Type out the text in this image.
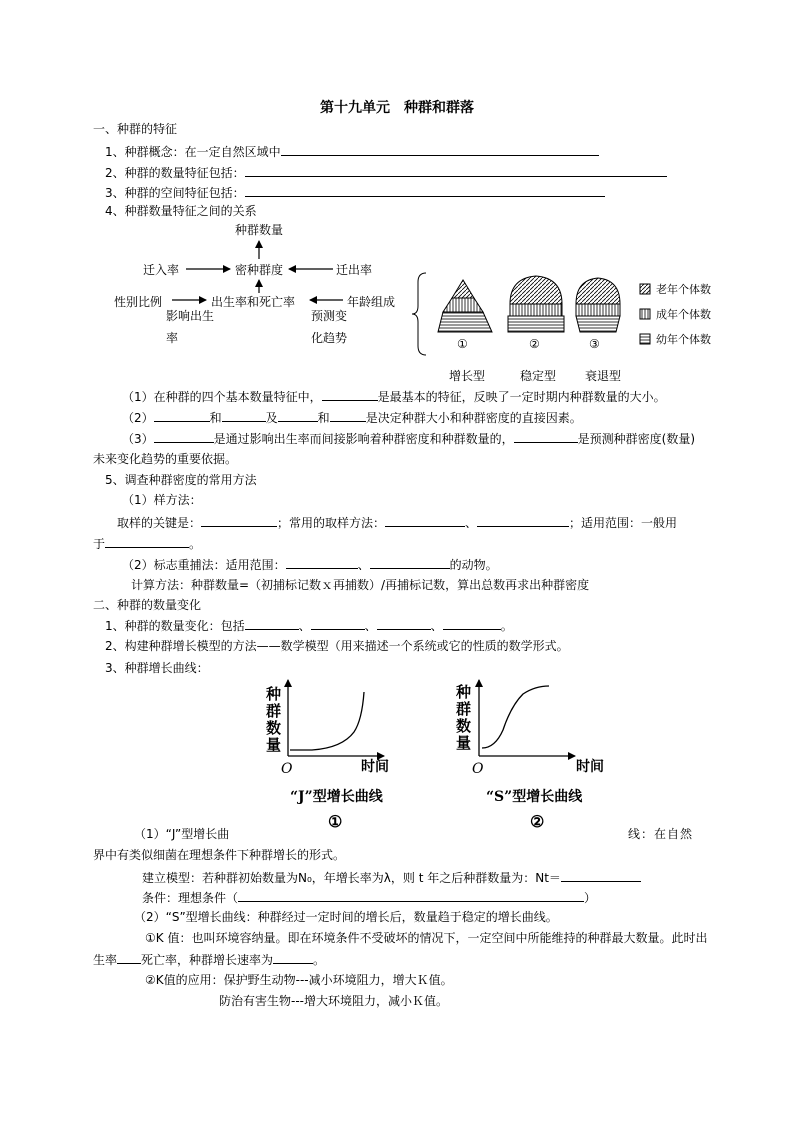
第十九单元　种群和群落
一、种群的特征
1、种群概念：在一定自然区域中
2、种群的数量特征包括：
3、种群的空间特征包括：
4、种群数量特征之间的关系
种群数量
迁入率	密种群度	迁出率
性别比例	出生率和死亡率	年龄组成
影响出生
率
预测变
化趋势
老年个体数
成年个体数
幼年个体数
①	②	③
增长型	稳定型 衰退型
（1）在种群的四个基本数量特征中，	是最基本的特征，反映了一定时期内种群数量的大小。
（2）	和	及	和	是决定种群大小和种群密度的直接因素。
（3）	是通过影响出生率而间接影响着种群密度和种群数量的，	是预测种群密度(数量)
未来变化趋势的重要依据。
5、调查种群密度的常用方法
（1）样方法：
取样的关键是：	；常用的取样方法：	、	；适用范围：一般用
于	。
（2）标志重捕法：适用范围：	、	的动物。
计算方法：种群数量=（初捕标记数ｘ再捕数）/再捕标记数，算出总数再求出种群密度
二、种群的数量变化
1、种群的数量变化：包括	、	、	、	。
2、构建种群增长模型的方法——数学模型（用来描述一个系统或它的性质的数学形式。
3、种群增长曲线：
种
群
数
量
时间
O
“J”型增长曲线
①
种
群
数
量
时间
O
“S”型增长曲线
②
（1）“J”型增长曲	线：在自然
界中有类似细菌在理想条件下种群增长的形式。
建立模型：若种群初始数量为N₀，年增长率为λ，则 t 年之后种群数量为：Nt＝
条件：理想条件（	）
（2）“S”型增长曲线：种群经过一定时间的增长后，数量趋于稳定的增长曲线。
①K 值：也叫环境容纳量。即在环境条件不受破坏的情况下，一定空间中所能维持的种群最大数量。此时出
生率 死亡率，种群增长速率为	。
②K值的应用：保护野生动物---减小环境阻力，增大Ｋ值。
防治有害生物---增大环境阻力，减小Ｋ值。
